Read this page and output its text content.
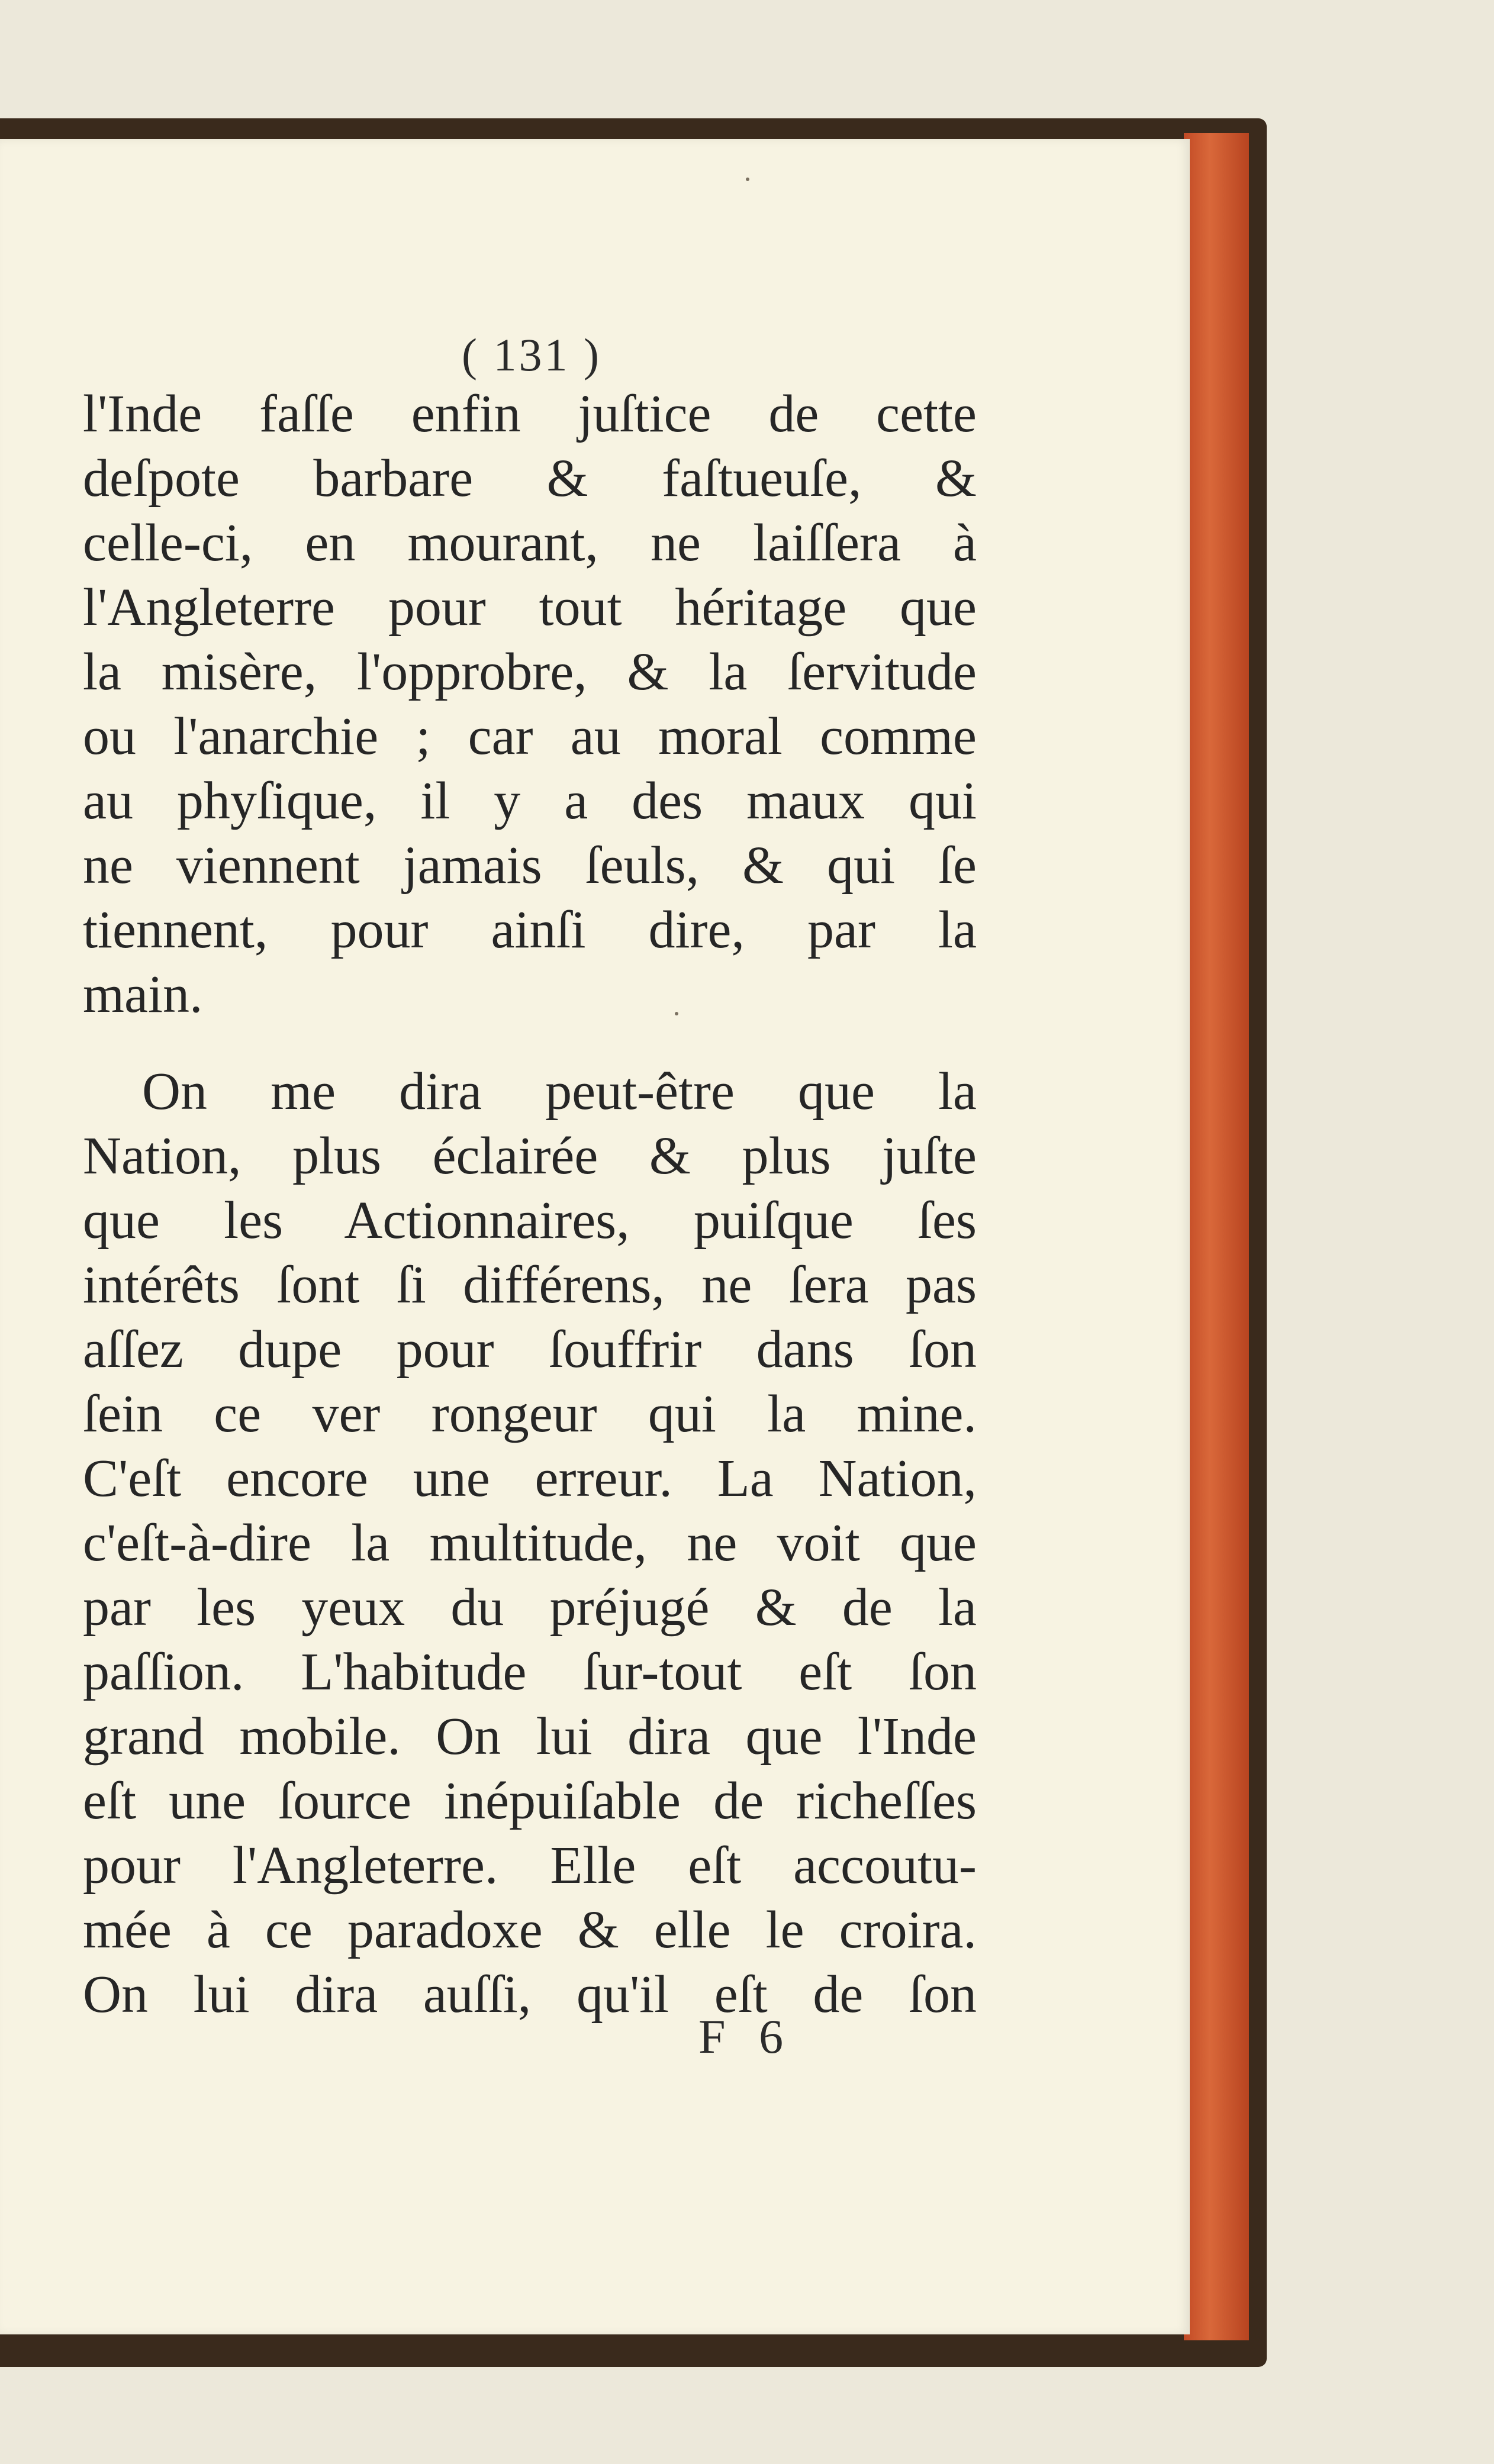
( 131 )
l'Inde faſſe enfin juſtice de cette
deſpote barbare & faſtueuſe, &
celle-ci, en mourant, ne laiſſera à
l'Angleterre pour tout héritage que
la misère, l'opprobre, & la ſervitude
ou l'anarchie ; car au moral comme
au phyſique, il y a des maux qui
ne viennent jamais ſeuls, & qui ſe
tiennent, pour ainſi dire, par la
main.
On me dira peut-être que la
Nation, plus éclairée & plus juſte
que les Actionnaires, puiſque ſes
intérêts ſont ſi différens, ne ſera pas
aſſez dupe pour ſouffrir dans ſon
ſein ce ver rongeur qui la mine.
C'eſt encore une erreur. La Nation,
c'eſt-à-dire la multitude, ne voit que
par les yeux du préjugé & de la
paſſion. L'habitude ſur-tout eſt ſon
grand mobile. On lui dira que l'Inde
eſt une ſource inépuiſable de richeſſes
pour l'Angleterre. Elle eſt accoutu-
mée à ce paradoxe & elle le croira.
On lui dira auſſi, qu'il eſt de ſon
F 6
